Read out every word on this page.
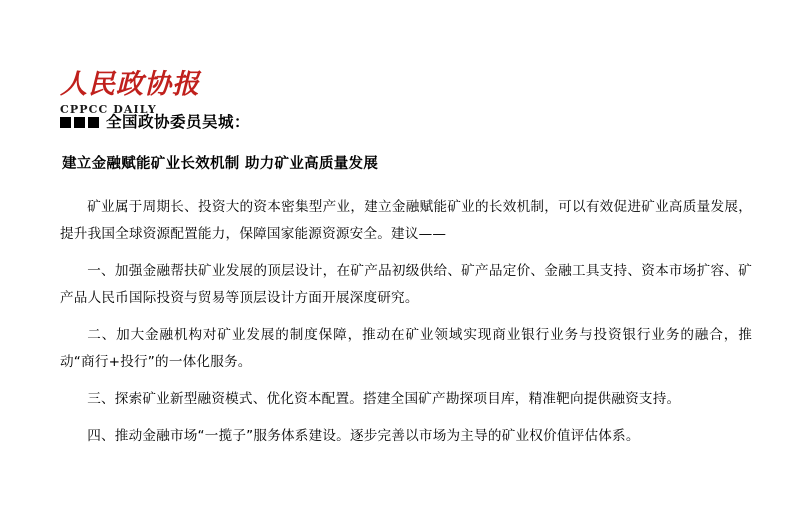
人民政协报
CPPCC DAILY
全国政协委员吴城：
建立金融赋能矿业长效机制 助力矿业高质量发展
矿业属于周期长、投资大的资本密集型产业，建立金融赋能矿业的长效机制，可以有效促进矿业高质量发展，提升我国全球资源配置能力，保障国家能源资源安全。建议——
一、加强金融帮扶矿业发展的顶层设计，在矿产品初级供给、矿产品定价、金融工具支持、资本市场扩容、矿产品人民币国际投资与贸易等顶层设计方面开展深度研究。
二、加大金融机构对矿业发展的制度保障，推动在矿业领域实现商业银行业务与投资银行业务的融合，推动“商行+投行”的一体化服务。
三、探索矿业新型融资模式、优化资本配置。搭建全国矿产勘探项目库，精准靶向提供融资支持。
四、推动金融市场“一揽子”服务体系建设。逐步完善以市场为主导的矿业权价值评估体系。
